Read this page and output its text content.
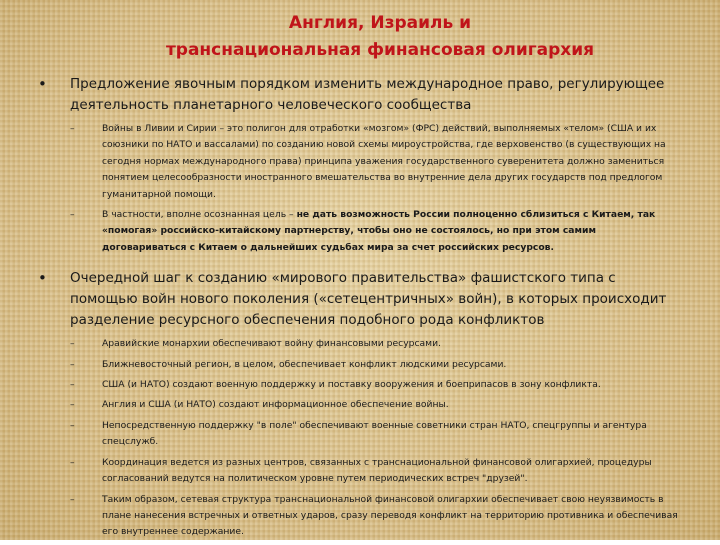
Англия, Израиль и
транснациональная финансовая олигархия
• Предложение явочным порядком изменить международное право, регулирующее деятельность планетарного человеческого сообщества
–	Войны в Ливии и Сирии – это полигон для отработки «мозгом» (ФРС) действий, выполняемых «телом» (США и их союзники по НАТО и вассалами) по созданию новой схемы мироустройства, где верховенство (в существующих на сегодня нормах международного права) принципа уважения государственного суверенитета должно замениться понятием целесообразности иностранного вмешательства во внутренние дела других государств под предлогом гуманитарной помощи.
–	В частности, вполне осознанная цель – не дать возможность России полноценно сблизиться с Китаем, так «помогая» российско-китайскому партнерству, чтобы оно не состоялось, но при этом самим договариваться с Китаем о дальнейших судьбах мира за счет российских ресурсов.
• Очередной шаг к созданию «мирового правительства» фашистского типа с помощью войн нового поколения («сетецентричных» войн), в которых происходит разделение ресурсного обеспечения подобного рода конфликтов
–	Аравийские монархии обеспечивают войну финансовыми ресурсами.
–	Ближневосточный регион, в целом, обеспечивает конфликт людскими ресурсами.
–	США (и НАТО) создают военную поддержку и поставку вооружения и боеприпасов в зону конфликта.
–	Англия и США (и НАТО) создают информационное обеспечение войны.
–	Непосредственную поддержку "в поле" обеспечивают военные советники стран НАТО, спецгруппы и агентура спецслужб.
–	Координация ведется из разных центров, связанных с транснациональной финансовой олигархией, процедуры согласований ведутся на политическом уровне путем периодических встреч "друзей".
–	Таким образом, сетевая структура транснациональной финансовой олигархии обеспечивает свою неуязвимость в плане нанесения встречных и ответных ударов, сразу переводя конфликт на территорию противника и обеспечивая его внутреннее содержание.
